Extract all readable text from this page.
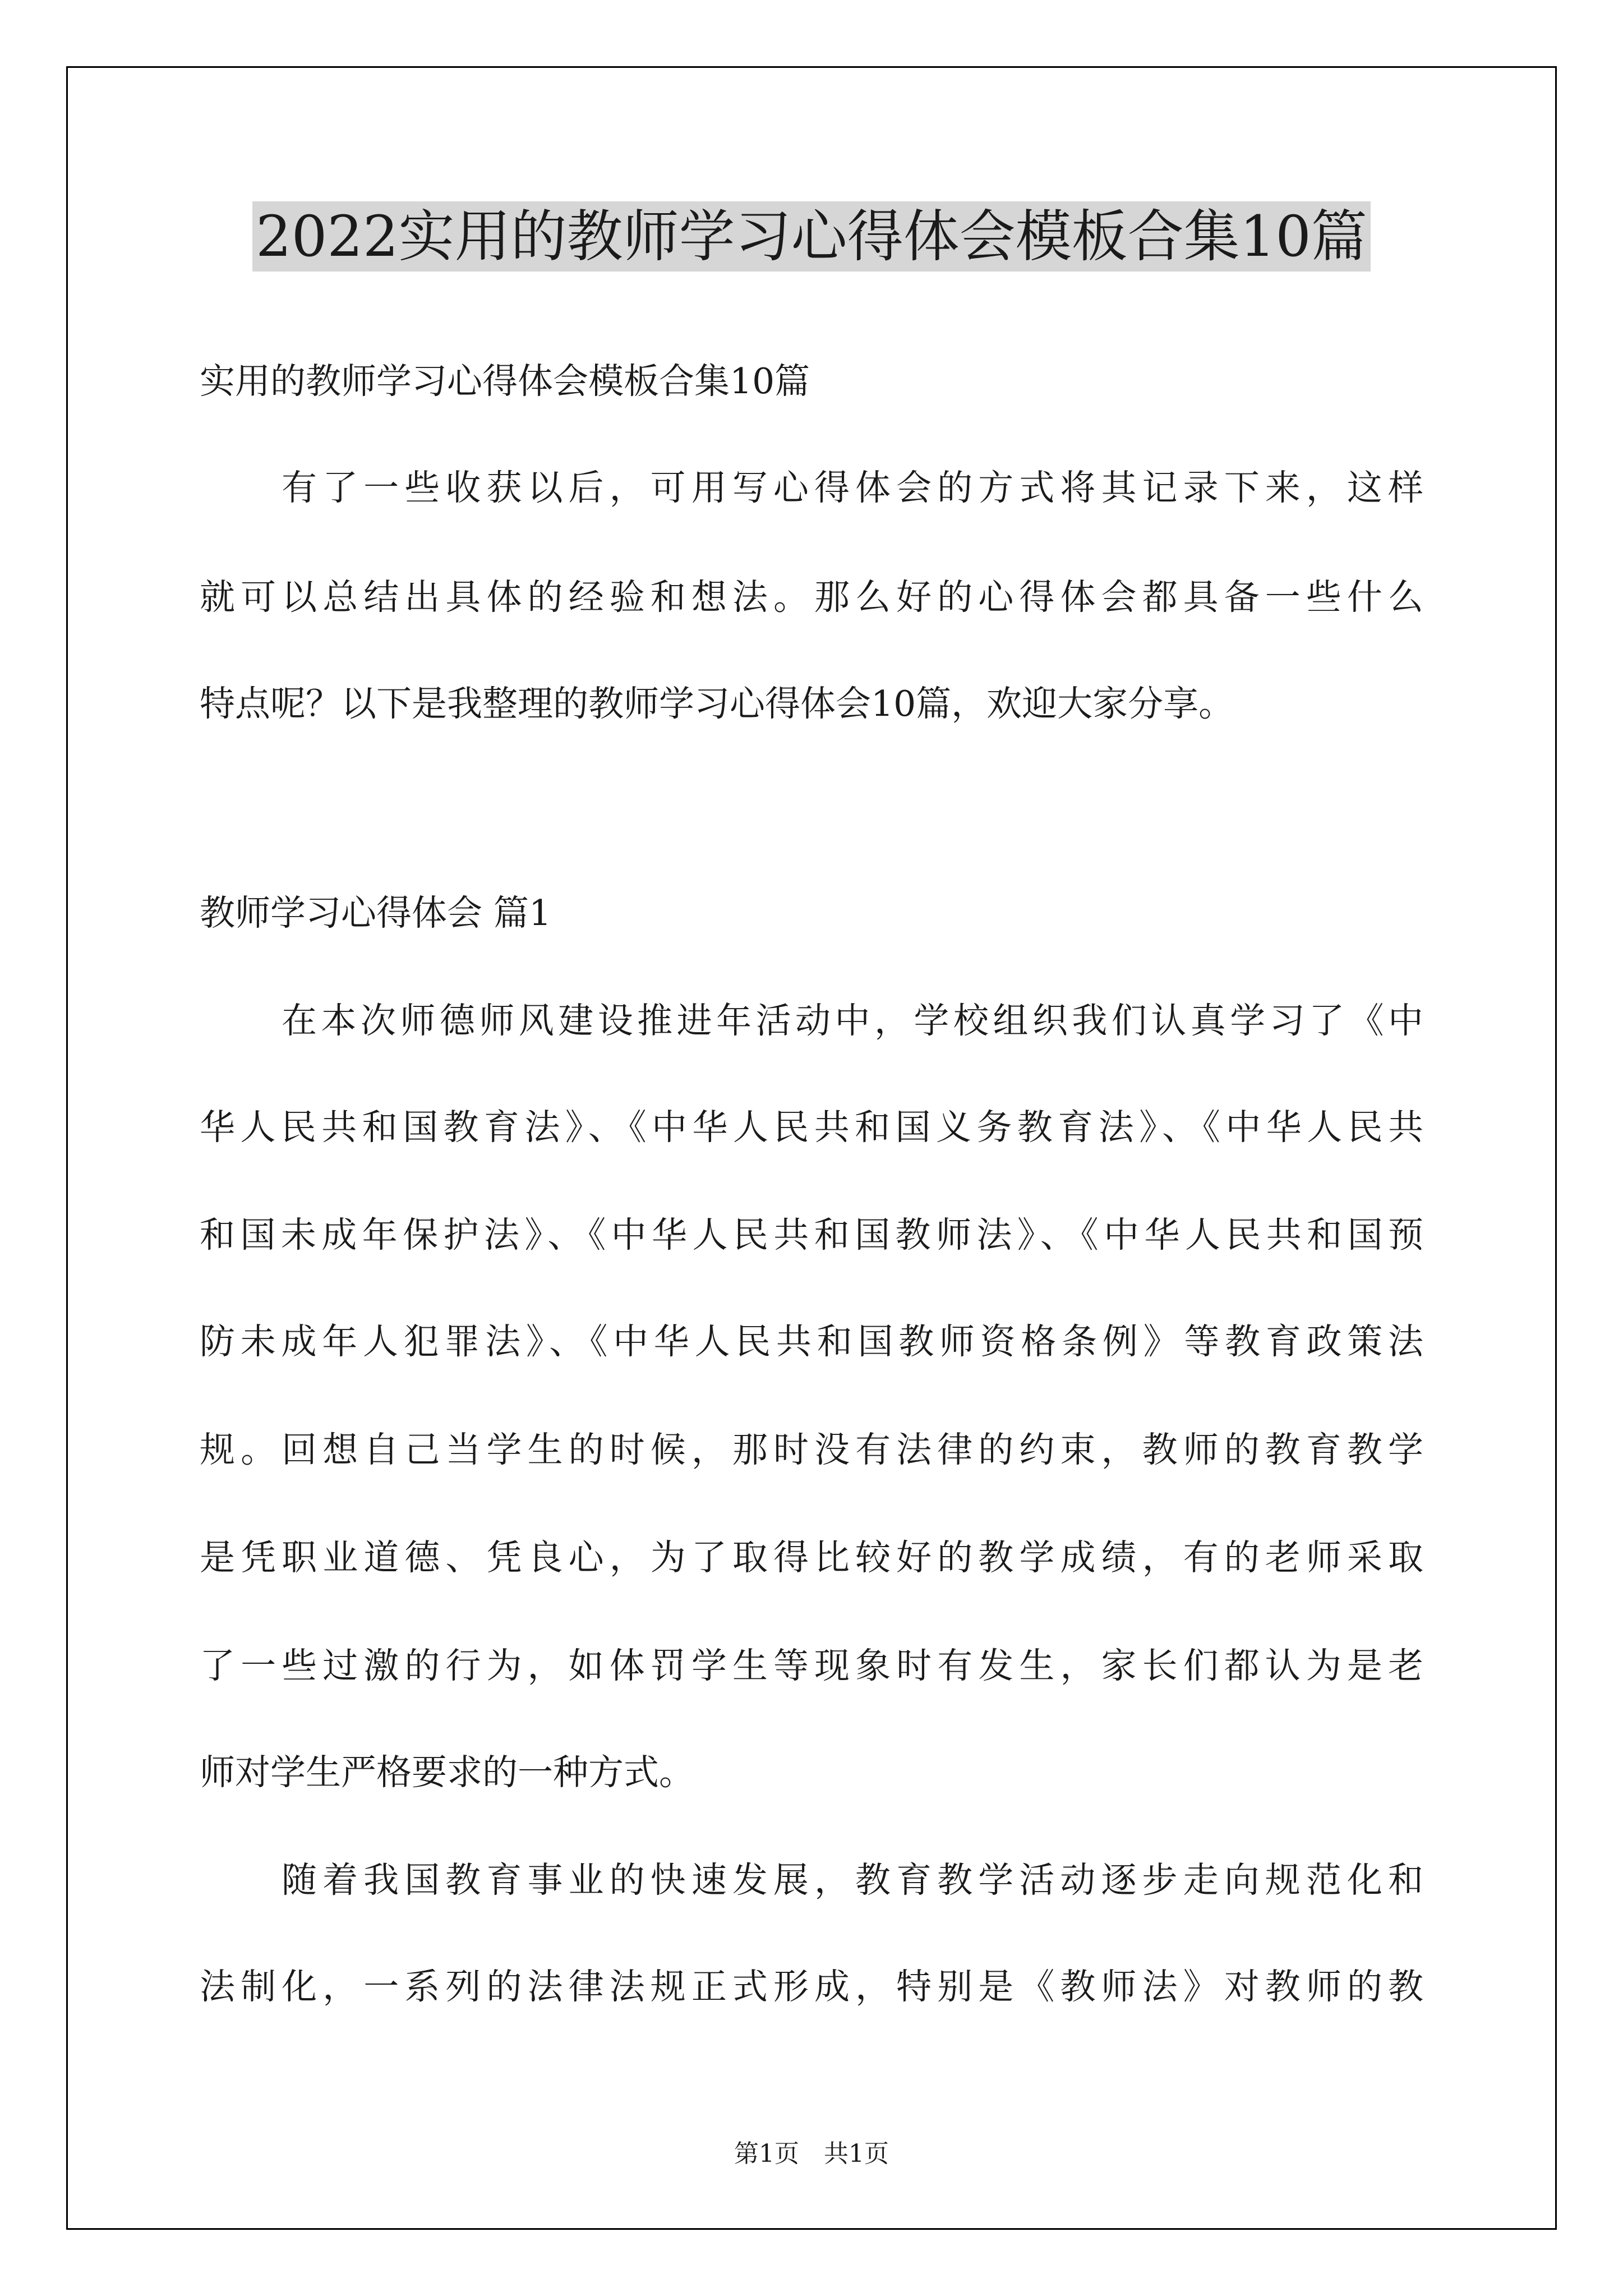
2022实用的教师学习心得体会模板合集10篇
实用的教师学习心得体会模板合集10篇
有了一些收获以后，可用写心得体会的方式将其记录下来，这样
就可以总结出具体的经验和想法。那么好的心得体会都具备一些什么
特点呢？以下是我整理的教师学习心得体会10篇，欢迎大家分享。
教师学习心得体会 篇1
在本次师德师风建设推进年活动中，学校组织我们认真学习了《中
华人民共和国教育法》、《中华人民共和国义务教育法》、《中华人民共
和国未成年保护法》、《中华人民共和国教师法》、《中华人民共和国预
防未成年人犯罪法》、《中华人民共和国教师资格条例》等教育政策法
规。回想自己当学生的时候，那时没有法律的约束，教师的教育教学
是凭职业道德、凭良心，为了取得比较好的教学成绩，有的老师采取
了一些过激的行为，如体罚学生等现象时有发生，家长们都认为是老
师对学生严格要求的一种方式。
随着我国教育事业的快速发展，教育教学活动逐步走向规范化和
法制化，一系列的法律法规正式形成，特别是《教师法》对教师的教
第1页　共1页
